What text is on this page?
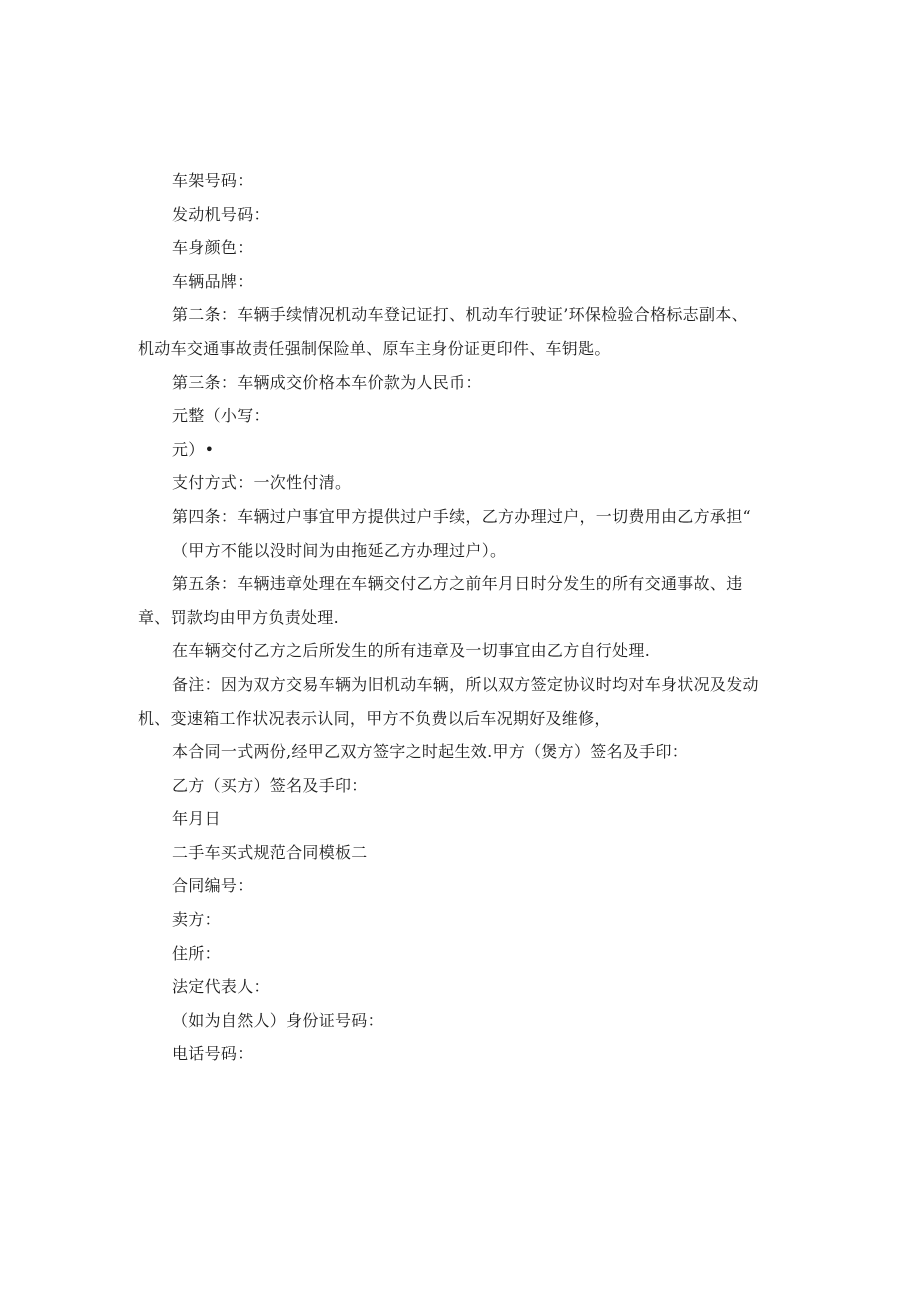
车架号码：
发动机号码：
车身颜色：
车辆品牌：
第二条：车辆手续情况机动车登记证打、机动车行驶证’环保检验合格标志副本、
机动车交通事故责任强制保险单、原车主身份证更印件、车钥匙。
第三条：车辆成交价格本车价款为人民币：
元整（小写：
元）•
支付方式：一次性付清。
第四条：车辆过户事宜甲方提供过户手续，乙方办理过户，一切费用由乙方承担“
（甲方不能以没时间为由拖延乙方办理过户）。
第五条：车辆违章处理在车辆交付乙方之前年月日时分发生的所有交通事故、违
章、罚款均由甲方负责处理.
在车辆交付乙方之后所发生的所有违章及一切事宜由乙方自行处理.
备注：因为双方交易车辆为旧机动车辆，所以双方签定协议时均对车身状况及发动
机、变速箱工作状况表示认同，甲方不负费以后车况期好及维修，
本合同一式两份,经甲乙双方签字之时起生效.甲方（煲方）签名及手印：
乙方（买方）签名及手印：
年月日
二手车买式规范合同模板二
合同编号：
卖方：
住所：
法定代表人：
（如为自然人）身份证号码：
电话号码：
